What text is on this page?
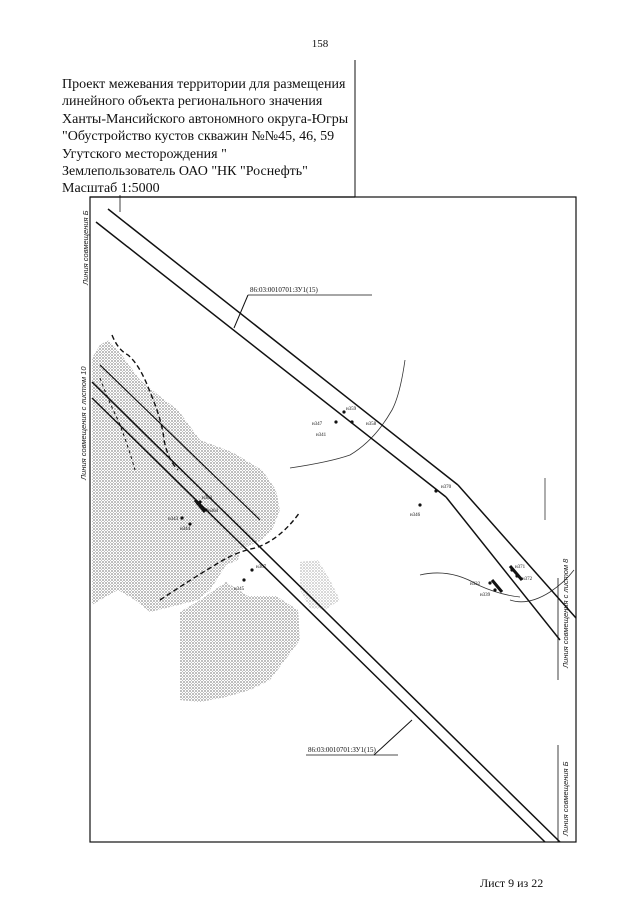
158
Проект межевания территории для размещения
линейного объекта регионального значения
Ханты-Мансийского автономного округа-Югры
"Обустройство кустов скважин №№45, 46, 59
Угутского месторождения "
Землепользователь ОАО "НК "Роснефть"
Масштаб 1:5000
86:03:0010701:ЗУ1(15)
86:03:0010701:ЗУ1(15)
Линия совмещения Б
Линия совмещения с листом 10
Линия совмещения с листом 8
Линия совмещения Б
н359
н347
н341
н358
н370
н346
н363
н364
н343
н344
н367
н345
н371
н372
н332
н339
Лист 9 из 22
